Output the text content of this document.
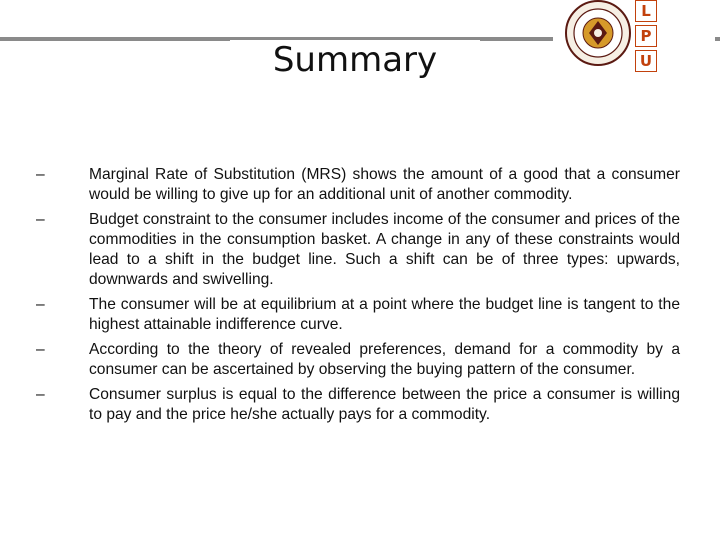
Summary
L
P
U
–	Marginal Rate of Substitution (MRS) shows the amount of a good that a consumer would be willing to give up for an additional unit of another commodity.
–	Budget constraint to the consumer includes income of the consumer and prices of the commodities in the consumption basket. A change in any of these constraints would lead to a shift in the budget line. Such a shift can be of three types: upwards, downwards and swivelling.
–	The consumer will be at equilibrium at a point where the budget line is tangent to the highest attainable indifference curve.
–	According to the theory of revealed preferences, demand for a commodity by a consumer can be ascertained by observing the buying pattern of the consumer.
–	Consumer surplus is equal to the difference between the price a consumer is willing to pay and the price he/she actually pays for a commodity.
